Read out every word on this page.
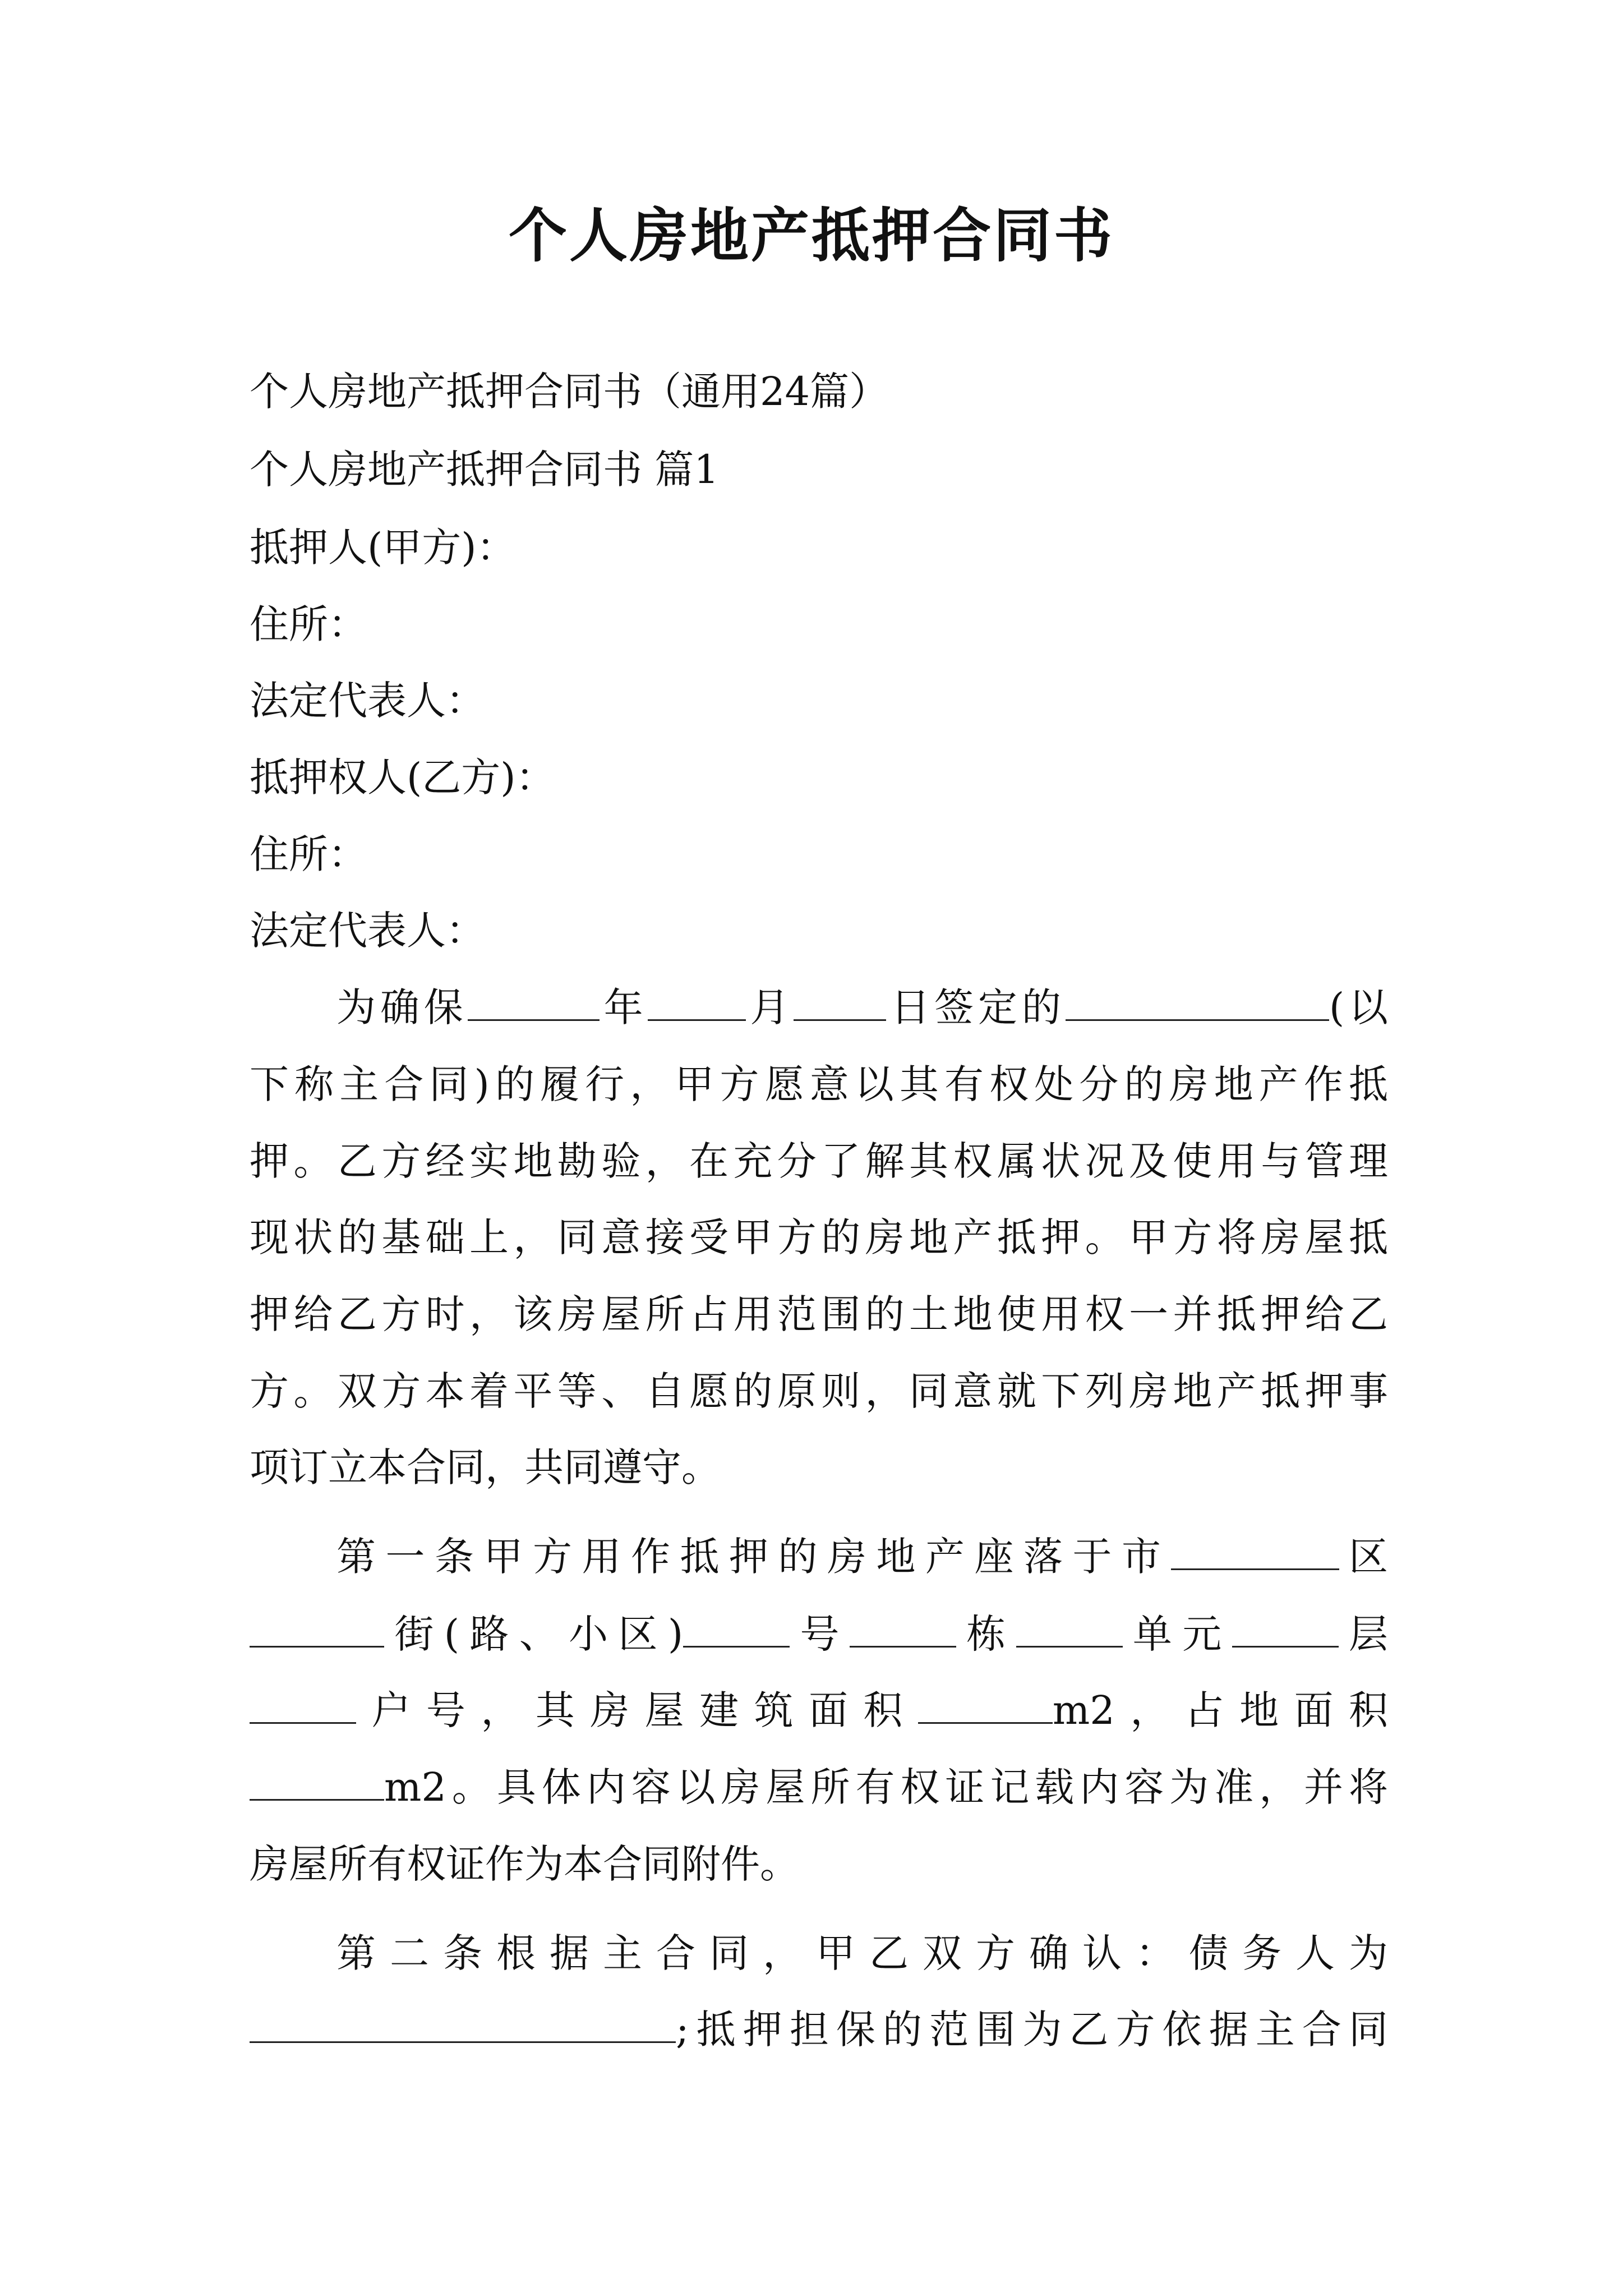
个人房地产抵押合同书
个人房地产抵押合同书（通用24篇）
个人房地产抵押合同书 篇1
抵押人(甲方)：
住所：
法定代表人：
抵押权人(乙方)：
住所：
法定代表人：
为确保	年	月 日签定的	(以
下称主合同)的履行，甲方愿意以其有权处分的房地产作抵
押。乙方经实地勘验，在充分了解其权属状况及使用与管理
现状的基础上，同意接受甲方的房地产抵押。甲方将房屋抵
押给乙方时，该房屋所占用范围的土地使用权一并抵押给乙
方。双方本着平等、自愿的原则，同意就下列房地产抵押事
项订立本合同，共同遵守。
第一条甲方用作抵押的房地产座落于市	区
街(路、小区)	号	栋	单元	层
户号，其房屋建筑面积	m2，占地面积
m2。具体内容以房屋所有权证记载内容为准，并将
房屋所有权证作为本合同附件。
第二条根据主合同，甲乙双方确认：债务人为
;抵押担保的范围为乙方依据主合同
